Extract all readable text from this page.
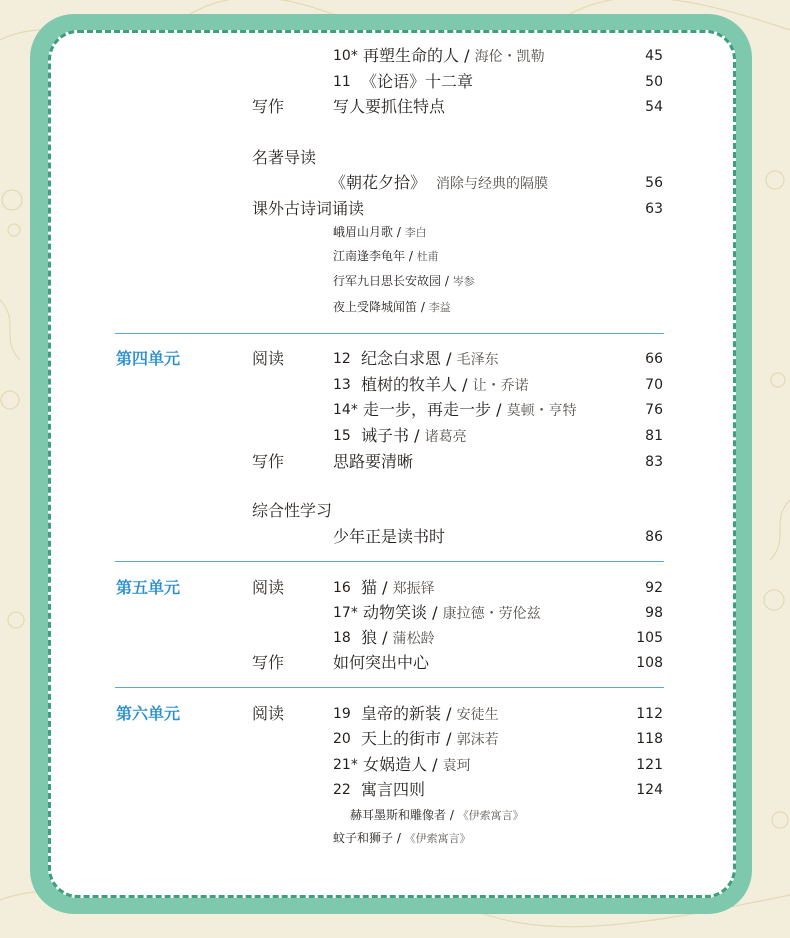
10* 再塑生命的人 / 海伦・凯勒	45
11 《论语》十二章	50
写作	写人要抓住特点	54
名著导读
《朝花夕拾》 消除与经典的隔膜	56
课外古诗词诵读	63
峨眉山月歌 / 李白
江南逢李龟年 / 杜甫
行军九日思长安故园 / 岑参
夜上受降城闻笛 / 李益
第四单元	阅读	12 纪念白求恩 / 毛泽东	66
13 植树的牧羊人 / 让・乔诺	70
14* 走一步，再走一步 / 莫顿・亨特	76
15 诫子书 / 诸葛亮	81
写作	思路要清晰	83
综合性学习
少年正是读书时	86
第五单元	阅读	16 猫 / 郑振铎	92
17* 动物笑谈 / 康拉德・劳伦兹	98
18 狼 / 蒲松龄	105
写作	如何突出中心	108
第六单元	阅读	19 皇帝的新装 / 安徒生	112
20 天上的街市 / 郭沫若	118
21* 女娲造人 / 袁珂	121
22 寓言四则	124
赫耳墨斯和雕像者 / 《伊索寓言》
蚊子和狮子 / 《伊索寓言》
